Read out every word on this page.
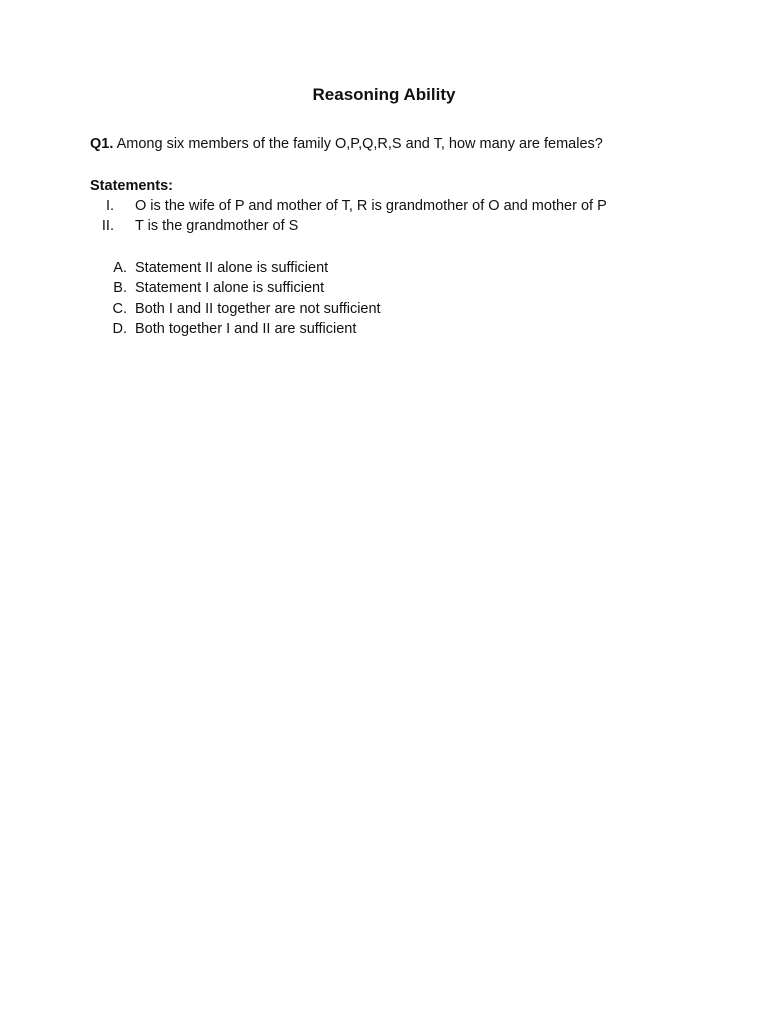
Reasoning Ability
Q1. Among six members of the family O,P,Q,R,S and T, how many are females?
Statements:
I. O is the wife of P and mother of T, R is grandmother of O and mother of P
II. T is the grandmother of S
A. Statement II alone is sufficient
B. Statement I alone is sufficient
C. Both I and II together are not sufficient
D. Both together I and II are sufficient
